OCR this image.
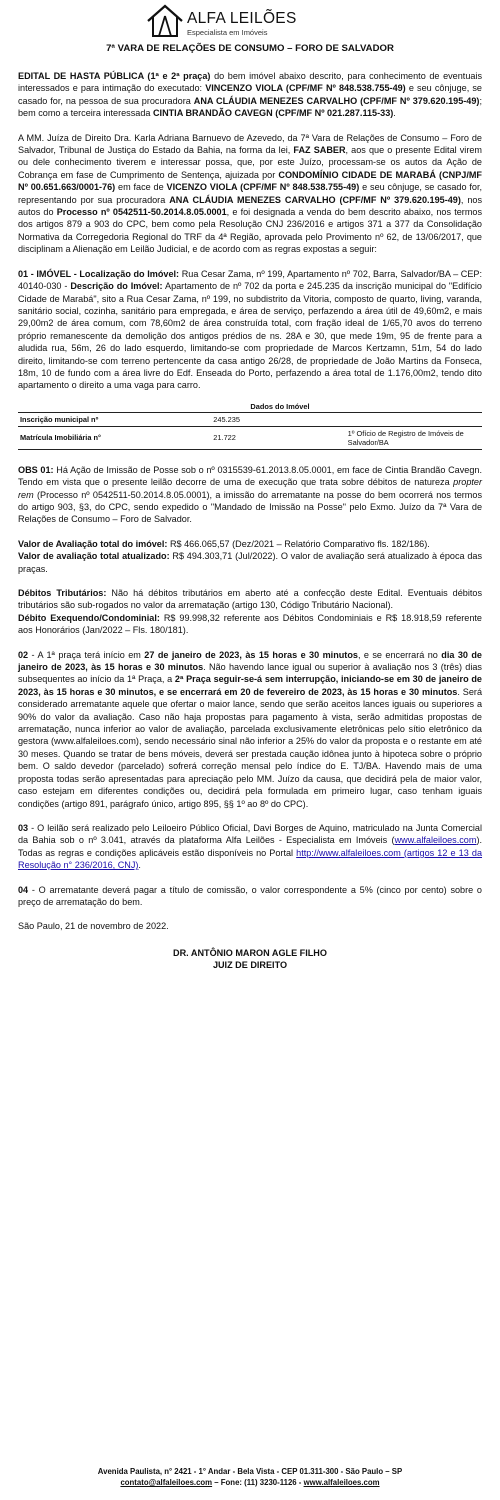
ALFA LEILÕES
Especialista em Imóveis
7ª VARA DE RELAÇÕES DE CONSUMO – FORO DE SALVADOR

EDITAL DE HASTA PÚBLICA (1ª e 2ª praça) do bem imóvel abaixo descrito, para conhecimento de eventuais interessados e para intimação do executado: VINCENZO VIOLA (CPF/MF Nº 848.538.755-49) e seu cônjuge, se casado for, na pessoa de sua procuradora ANA CLÁUDIA MENEZES CARVALHO (CPF/MF Nº 379.620.195-49); bem como a terceira interessada CINTIA BRANDÃO CAVEGN (CPF/MF Nº 021.287.115-33).

A MM. Juíza de Direito Dra. Karla Adriana Barnuevo de Azevedo, da 7ª Vara de Relações de Consumo – Foro de Salvador, Tribunal de Justiça do Estado da Bahia, na forma da lei, FAZ SABER, aos que o presente Edital virem ou dele conhecimento tiverem e interessar possa, que, por este Juízo, processam-se os autos da Ação de Cobrança em fase de Cumprimento de Sentença, ajuizada por CONDOMÍNIO CIDADE DE MARABÁ (CNPJ/MF Nº 00.651.663/0001-76) em face de VICENZO VIOLA (CPF/MF Nº 848.538.755-49) e seu cônjuge, se casado for, representando por sua procuradora ANA CLÁUDIA MENEZES CARVALHO (CPF/MF Nº 379.620.195-49), nos autos do Processo nº 0542511-50.2014.8.05.0001, e foi designada a venda do bem descrito abaixo, nos termos dos artigos 879 a 903 do CPC, bem como pela Resolução CNJ 236/2016 e artigos 371 a 377 da Consolidação Normativa da Corregedoria Regional do TRF da 4ª Região, aprovada pelo Provimento nº 62, de 13/06/2017, que disciplinam a Alienação em Leilão Judicial, e de acordo com as regras expostas a seguir:

01 - IMÓVEL - Localização do Imóvel: Rua Cesar Zama, nº 199, Apartamento nº 702, Barra, Salvador/BA – CEP: 40140-030 - Descrição do Imóvel: Apartamento de nº 702 da porta e 245.235 da inscrição municipal do "Edifício Cidade de Marabá", sito a Rua Cesar Zama, nº 199, no subdistrito da Vitoria, composto de quarto, living, varanda, sanitário social, cozinha, sanitário para empregada, e área de serviço, perfazendo a área útil de 49,60m2, e mais 29,00m2 de área comum, com 78,60m2 de área construída total, com fração ideal de 1/65,70 avos do terreno próprio remanescente da demolição dos antigos prédios de ns. 28A e 30, que mede 19m, 95 de frente para a aludida rua, 56m, 26 do lado esquerdo, limitando-se com propriedade de Marcos Kertzamn, 51m, 54 do lado direito, limitando-se com terreno pertencente da casa antigo 26/28, de propriedade de João Martins da Fonseca, 18m, 10 de fundo com a área livre do Edf. Enseada do Porto, perfazendo a área total de 1.176,00m2, tendo dito apartamento o direito a uma vaga para carro.

Dados do Imóvel
Inscrição municipal nº	245.235
Matrícula Imobiliária n°	21.722	1º Ofício de Registro de Imóveis de Salvador/BA

OBS 01: Há Ação de Imissão de Posse sob o nº 0315539-61.2013.8.05.0001, em face de Cintia Brandão Cavegn. Tendo em vista que o presente leilão decorre de uma de execução que trata sobre débitos de natureza propter rem (Processo nº 0542511-50.2014.8.05.0001), a imissão do arrematante na posse do bem ocorrerá nos termos do artigo 903, §3, do CPC, sendo expedido o "Mandado de Imissão na Posse" pelo Exmo. Juízo da 7ª Vara de Relações de Consumo – Foro de Salvador.

Valor de Avaliação total do imóvel: R$ 466.065,57 (Dez/2021 – Relatório Comparativo fls. 182/186).

Valor de avaliação total atualizado: R$ 494.303,71 (Jul/2022). O valor de avaliação será atualizado à época das praças.

Débitos Tributários: Não há débitos tributários em aberto até a confecção deste Edital. Eventuais débitos tributários são sub-rogados no valor da arrematação (artigo 130, Código Tributário Nacional).

Débito Exequendo/Condominial: R$ 99.998,32 referente aos Débitos Condominiais e R$ 18.918,59 referente aos Honorários (Jan/2022 – Fls. 180/181).

02 - A 1ª praça terá início em 27 de janeiro de 2023, às 15 horas e 30 minutos, e se encerrará no dia 30 de janeiro de 2023, às 15 horas e 30 minutos. Não havendo lance igual ou superior à avaliação nos 3 (três) dias subsequentes ao início da 1ª Praça, a 2ª Praça seguir-se-á sem interrupção, iniciando-se em 30 de janeiro de 2023, às 15 horas e 30 minutos, e se encerrará em 20 de fevereiro de 2023, às 15 horas e 30 minutos. Será considerado arrematante aquele que ofertar o maior lance, sendo que serão aceitos lances iguais ou superiores a 90% do valor da avaliação. Caso não haja propostas para pagamento à vista, serão admitidas propostas de arrematação, nunca inferior ao valor de avaliação, parcelada exclusivamente eletrônicas pelo sítio eletrônico da gestora (www.alfaleiloes.com), sendo necessário sinal não inferior a 25% do valor da proposta e o restante em até 30 meses. Quando se tratar de bens móveis, deverá ser prestada caução idônea junto à hipoteca sobre o próprio bem. O saldo devedor (parcelado) sofrerá correção mensal pelo índice do E. TJ/BA. Havendo mais de uma proposta todas serão apresentadas para apreciação pelo MM. Juízo da causa, que decidirá pela de maior valor, caso estejam em diferentes condições ou, decidirá pela formulada em primeiro lugar, caso tenham iguais condições (artigo 891, parágrafo único, artigo 895, §§ 1º ao 8º do CPC).

03 - O leilão será realizado pelo Leiloeiro Público Oficial, Davi Borges de Aquino, matriculado na Junta Comercial da Bahia sob o nº 3.041, através da plataforma Alfa Leilões - Especialista em Imóveis (www.alfaleiloes.com). Todas as regras e condições aplicáveis estão disponíveis no Portal http://www.alfaleiloes.com (artigos 12 e 13 da Resolução n° 236/2016, CNJ).

04 - O arrematante deverá pagar a título de comissão, o valor correspondente a 5% (cinco por cento) sobre o preço de arrematação do bem.

São Paulo, 21 de novembro de 2022.

DR. ANTÔNIO MARON AGLE FILHO
JUIZ DE DIREITO
Avenida Paulista, n° 2421 - 1° Andar - Bela Vista - CEP 01.311-300 - São Paulo – SP
contato@alfaleiloes.com – Fone: (11) 3230-1126 - www.alfaleiloes.com
